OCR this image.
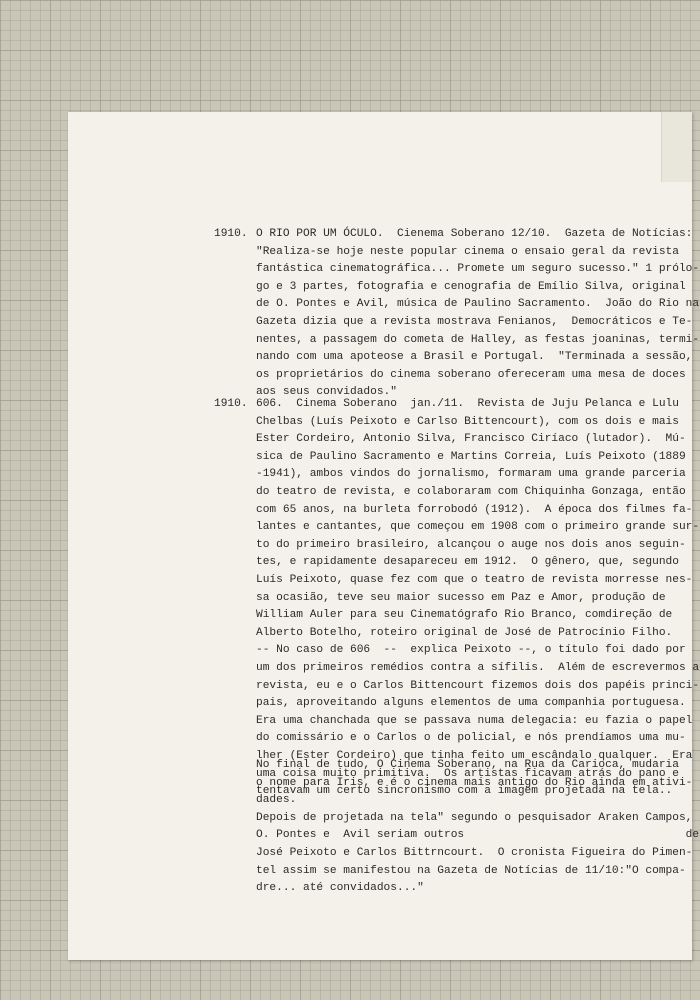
1910. O RIO POR UM ÓCULO.  Cienema Soberano 12/10.  Gazeta de Notícias:
"Realiza-se hoje neste popular cinema o ensaio geral da revista
fantástica cinematográfica... Promete um seguro sucesso." 1 prólo-
go e 3 partes, fotografia e cenografia de Emílio Silva, original
de O. Pontes e Avil, música de Paulino Sacramento.  João do Rio na
Gazeta dizia que a revista mostrava Fenianos,  Democráticos e Te-
nentes, a passagem do cometa de Halley, as festas joaninas, termi-
nando com uma apoteose a Brasil e Portugal.  "Terminada a sessão,
os proprietários do cinema soberano ofereceram uma mesa de doces
aos seus convidados."
1910. 606.  Cinema Soberano  jan./11.  Revista de Juju Pelanca e Lulu
Chelbas (Luís Peixoto e Carlso Bittencourt), com os dois e mais
Ester Cordeiro, Antonio Silva, Francisco Ciríaco (lutador).  Mú-
sica de Paulino Sacramento e Martins Correia, Luís Peixoto (1889
-1941), ambos vindos do jornalismo, formaram uma grande parceria
do teatro de revista, e colaboraram com Chiquinha Gonzaga, então
com 65 anos, na burleta forrobodó (1912).  A época dos filmes fa-
lantes e cantantes, que começou em 1908 com o primeiro grande sur-
to do primeiro brasileiro, alcançou o auge nos dois anos seguin-
tes, e rapidamente desapareceu em 1912.  O gênero, que, segundo
Luís Peixoto, quase fez com que o teatro de revista morresse nes-
sa ocasião, teve seu maior sucesso em Paz e Amor, produção de
William Auler para seu Cinematógrafo Rio Branco, comdireção de
Alberto Botelho, roteiro original de José de Patrocínio Filho.
-- No caso de 606  --  explica Peixoto --, o título foi dado por
um dos primeiros remédios contra a sífilis.  Além de escrevermos a
revista, eu e o Carlos Bittencourt fizemos dois dos papéis princi-
pais, aproveitando alguns elementos de uma companhia portuguesa.
Era uma chanchada que se passava numa delegacia: eu fazia o papel
do comissário e o Carlos o de policial, e nós prendíamos uma mu-
lher (Ester Cordeiro) que tinha feito um escândalo qualquer.  Era
uma coisa muito primitiva.  Os artistas ficavam atrás do pano e
tentavam um certo sincronismo com a imagem projetada na tela..
No final de tudo, O Cinema Soberano, na Rua da Carioca, mudaria
o nome para Iris, e é o cinema mais antigo do Rio ainda em ativi-
dades.
Depois de projetada na tela" segundo o pesquisador Araken Campos,
O. Pontes e  Avil seriam outros                                 de
José Peixoto e Carlos Bittrncourt.  O cronista Figueira do Pimen-
tel assim se manifestou na Gazeta de Notícias de 11/10:"O compa-
dre... até convidados..."
